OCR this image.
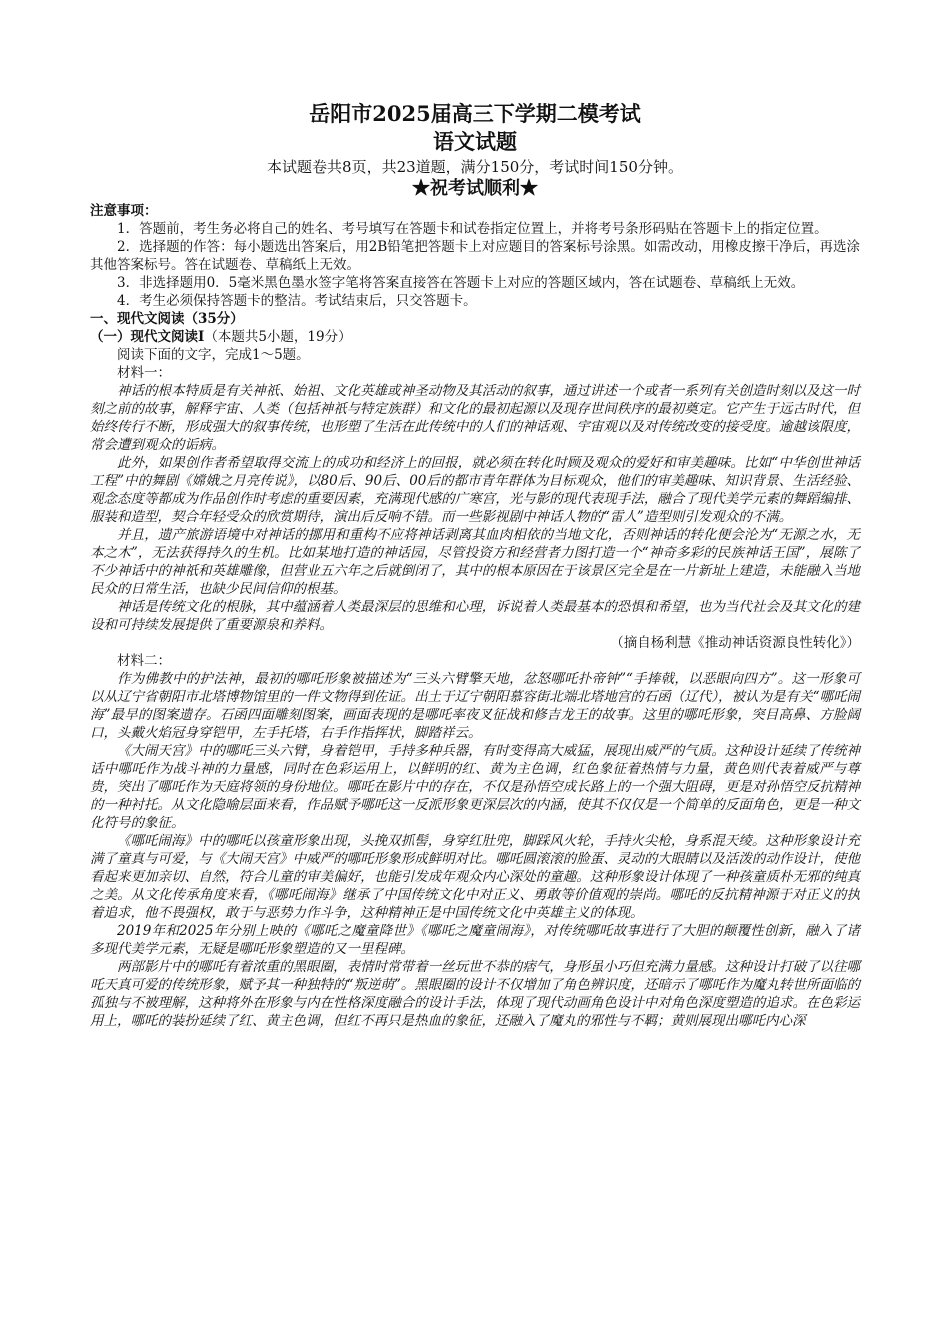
岳阳市2025届高三下学期二模考试

语文试题

本试题卷共8页，共23道题，满分150分，考试时间150分钟。

★祝考试顺利★

注意事项：

1．答题前，考生务必将自己的姓名、考号填写在答题卡和试卷指定位置上，并将考号条形码贴在答题卡上的指定位置。

2．选择题的作答：每小题选出答案后，用2B铅笔把答题卡上对应题目的答案标号涂黑。如需改动，用橡皮擦干净后，再选涂其他答案标号。答在试题卷、草稿纸上无效。

3．非选择题用0．5毫米黑色墨水签字笔将答案直接答在答题卡上对应的答题区域内，答在试题卷、草稿纸上无效。

4．考生必须保持答题卡的整洁。考试结束后，只交答题卡。

一、现代文阅读（35分）

（一）现代文阅读Ⅰ（本题共5小题，19分）

阅读下面的文字，完成1～5题。

材料一：

神话的根本特质是有关神祇、始祖、文化英雄或神圣动物及其活动的叙事，通过讲述一个或者一系列有关创造时刻以及这一时刻之前的故事，解释宇宙、人类（包括神祇与特定族群）和文化的最初起源以及现存世间秩序的最初奠定。它产生于远古时代，但始终传行不断，形成强大的叙事传统，也形塑了生活在此传统中的人们的神话观、宇宙观以及对传统改变的接受度。逾越该限度，常会遭到观众的诟病。

此外，如果创作者希望取得交流上的成功和经济上的回报，就必须在转化时顾及观众的爱好和审美趣味。比如“中华创世神话工程”中的舞剧《嫦娥之月亮传说》，以80后、90后、00后的都市青年群体为目标观众，他们的审美趣味、知识背景、生活经验、观念态度等都成为作品创作时考虑的重要因素，充满现代感的广寒宫，光与影的现代表现手法，融合了现代美学元素的舞蹈编排、服装和造型，契合年轻受众的欣赏期待，演出后反响不错。而一些影视剧中神话人物的“雷人”造型则引发观众的不满。

并且，遗产旅游语境中对神话的挪用和重构不应将神话剥离其血肉相依的当地文化，否则神话的转化便会沦为“无源之水，无本之木”，无法获得持久的生机。比如某地打造的神话园，尽管投资方和经营者力图打造一个“神奇多彩的民族神话王国”，展陈了不少神话中的神祇和英雄雕像，但营业五六年之后就倒闭了，其中的根本原因在于该景区完全是在一片新址上建造，未能融入当地民众的日常生活，也缺少民间信仰的根基。

神话是传统文化的根脉，其中蕴涵着人类最深层的思维和心理，诉说着人类最基本的恐惧和希望，也为当代社会及其文化的建设和可持续发展提供了重要源泉和养料。

（摘自杨利慧《推动神话资源良性转化》）

材料二：

作为佛教中的护法神，最初的哪吒形象被描述为“三头六臂擎天地，忿怒哪吒扑帝钟”“手捧戟，以恶眼向四方”。这一形象可以从辽宁省朝阳市北塔博物馆里的一件文物得到佐证。出土于辽宁朝阳慕容街北端北塔地宫的石函（辽代），被认为是有关“哪吒闹海”最早的图案遗存。石函四面雕刻图案，画面表现的是哪吒率夜叉征战和修吉龙王的故事。这里的哪吒形象，突目高鼻、方脸阔口，头戴火焰冠身穿铠甲，左手托塔，右手作指挥状，脚踏祥云。

《大闹天宫》中的哪吒三头六臂，身着铠甲，手持多种兵器，有时变得高大威猛，展现出威严的气质。这种设计延续了传统神话中哪吒作为战斗神的力量感，同时在色彩运用上，以鲜明的红、黄为主色调，红色象征着热情与力量，黄色则代表着威严与尊贵，突出了哪吒作为天庭将领的身份地位。哪吒在影片中的存在，不仅是孙悟空成长路上的一个强大阻碍，更是对孙悟空反抗精神的一种衬托。从文化隐喻层面来看，作品赋予哪吒这一反派形象更深层次的内涵，使其不仅仅是一个简单的反面角色，更是一种文化符号的象征。

《哪吒闹海》中的哪吒以孩童形象出现，头挽双抓髻，身穿红肚兜，脚踩风火轮，手持火尖枪，身系混天绫。这种形象设计充满了童真与可爱，与《大闹天宫》中威严的哪吒形象形成鲜明对比。哪吒圆滚滚的脸蛋、灵动的大眼睛以及活泼的动作设计，使他看起来更加亲切、自然，符合儿童的审美偏好，也能引发成年观众内心深处的童趣。这种形象设计体现了一种孩童质朴无邪的纯真之美。从文化传承角度来看，《哪吒闹海》继承了中国传统文化中对正义、勇敢等价值观的崇尚。哪吒的反抗精神源于对正义的执着追求，他不畏强权，敢于与恶势力作斗争，这种精神正是中国传统文化中英雄主义的体现。

2019年和2025年分别上映的《哪吒之魔童降世》《哪吒之魔童闹海》，对传统哪吒故事进行了大胆的颠覆性创新，融入了诸多现代美学元素，无疑是哪吒形象塑造的又一里程碑。

两部影片中的哪吒有着浓重的黑眼圈，表情时常带着一丝玩世不恭的痞气，身形虽小巧但充满力量感。这种设计打破了以往哪吒天真可爱的传统形象，赋予其一种独特的“叛逆萌”。黑眼圈的设计不仅增加了角色辨识度，还暗示了哪吒作为魔丸转世所面临的孤独与不被理解，这种将外在形象与内在性格深度融合的设计手法，体现了现代动画角色设计中对角色深度塑造的追求。在色彩运用上，哪吒的装扮延续了红、黄主色调，但红不再只是热血的象征，还融入了魔丸的邪性与不羁；黄则展现出哪吒内心深
